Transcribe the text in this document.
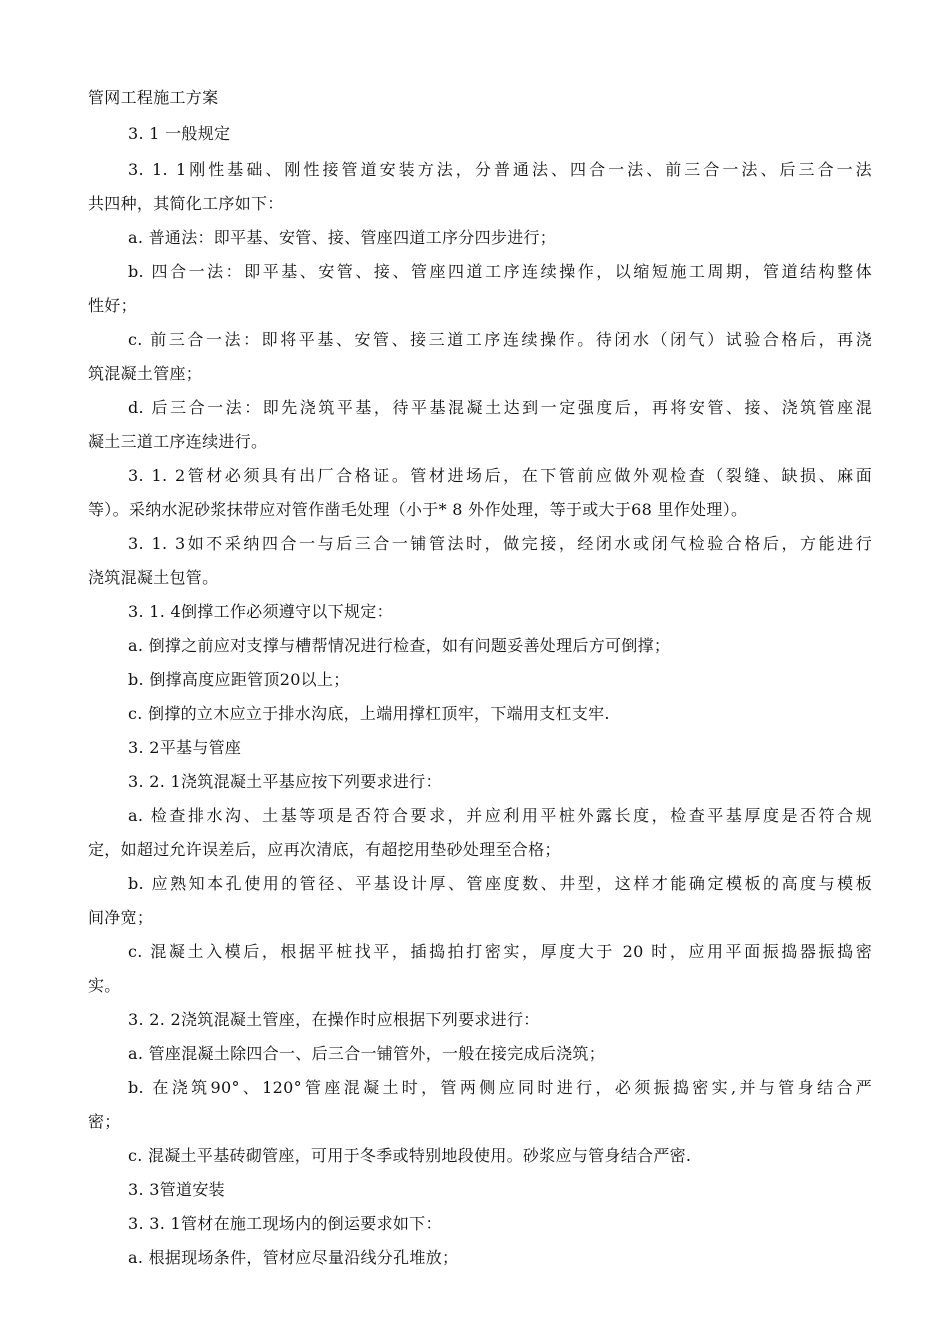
管网工程施工方案
3. 1 一般规定
3. 1. 1刚性基础、刚性接管道安装方法，分普通法、四合一法、前三合一法、后三合一法
共四种，其简化工序如下：
a. 普通法：即平基、安管、接、管座四道工序分四步进行；
b. 四合一法：即平基、安管、接、管座四道工序连续操作，以缩短施工周期，管道结构整体
性好；
c. 前三合一法：即将平基、安管、接三道工序连续操作。待闭水（闭气）试验合格后，再浇
筑混凝土管座；
d. 后三合一法：即先浇筑平基，待平基混凝土达到一定强度后，再将安管、接、浇筑管座混
凝土三道工序连续进行。
3. 1. 2管材必须具有出厂合格证。管材进场后，在下管前应做外观检查（裂缝、缺损、麻面
等）。采纳水泥砂浆抹带应对管作凿毛处理（小于* 8 外作处理，等于或大于68 里作处理）。
3. 1. 3如不采纳四合一与后三合一铺管法时，做完接，经闭水或闭气检验合格后，方能进行
浇筑混凝土包管。
3. 1. 4倒撑工作必须遵守以下规定：
a. 倒撑之前应对支撑与槽帮情况进行检查，如有问题妥善处理后方可倒撑；
b. 倒撑高度应距管顶20以上；
c. 倒撑的立木应立于排水沟底，上端用撑杠顶牢，下端用支杠支牢.
3. 2平基与管座
3. 2. 1浇筑混凝土平基应按下列要求进行：
a. 检查排水沟、土基等项是否符合要求，并应利用平桩外露长度，检查平基厚度是否符合规
定，如超过允许误差后，应再次清底，有超挖用垫砂处理至合格；
b. 应熟知本孔使用的管径、平基设计厚、管座度数、井型，这样才能确定模板的高度与模板
间净宽；
c. 混凝土入模后，根据平桩找平，插捣拍打密实，厚度大于 20 时，应用平面振捣器振捣密
实。
3. 2. 2浇筑混凝土管座，在操作时应根据下列要求进行：
a. 管座混凝土除四合一、后三合一铺管外，一般在接完成后浇筑；
b. 在浇筑90°、120°管座混凝土时，管两侧应同时进行，必须振捣密实,并与管身结合严
密；
c. 混凝土平基砖砌管座，可用于冬季或特别地段使用。砂浆应与管身结合严密.
3. 3管道安装
3. 3. 1管材在施工现场内的倒运要求如下：
a. 根据现场条件，管材应尽量沿线分孔堆放；
